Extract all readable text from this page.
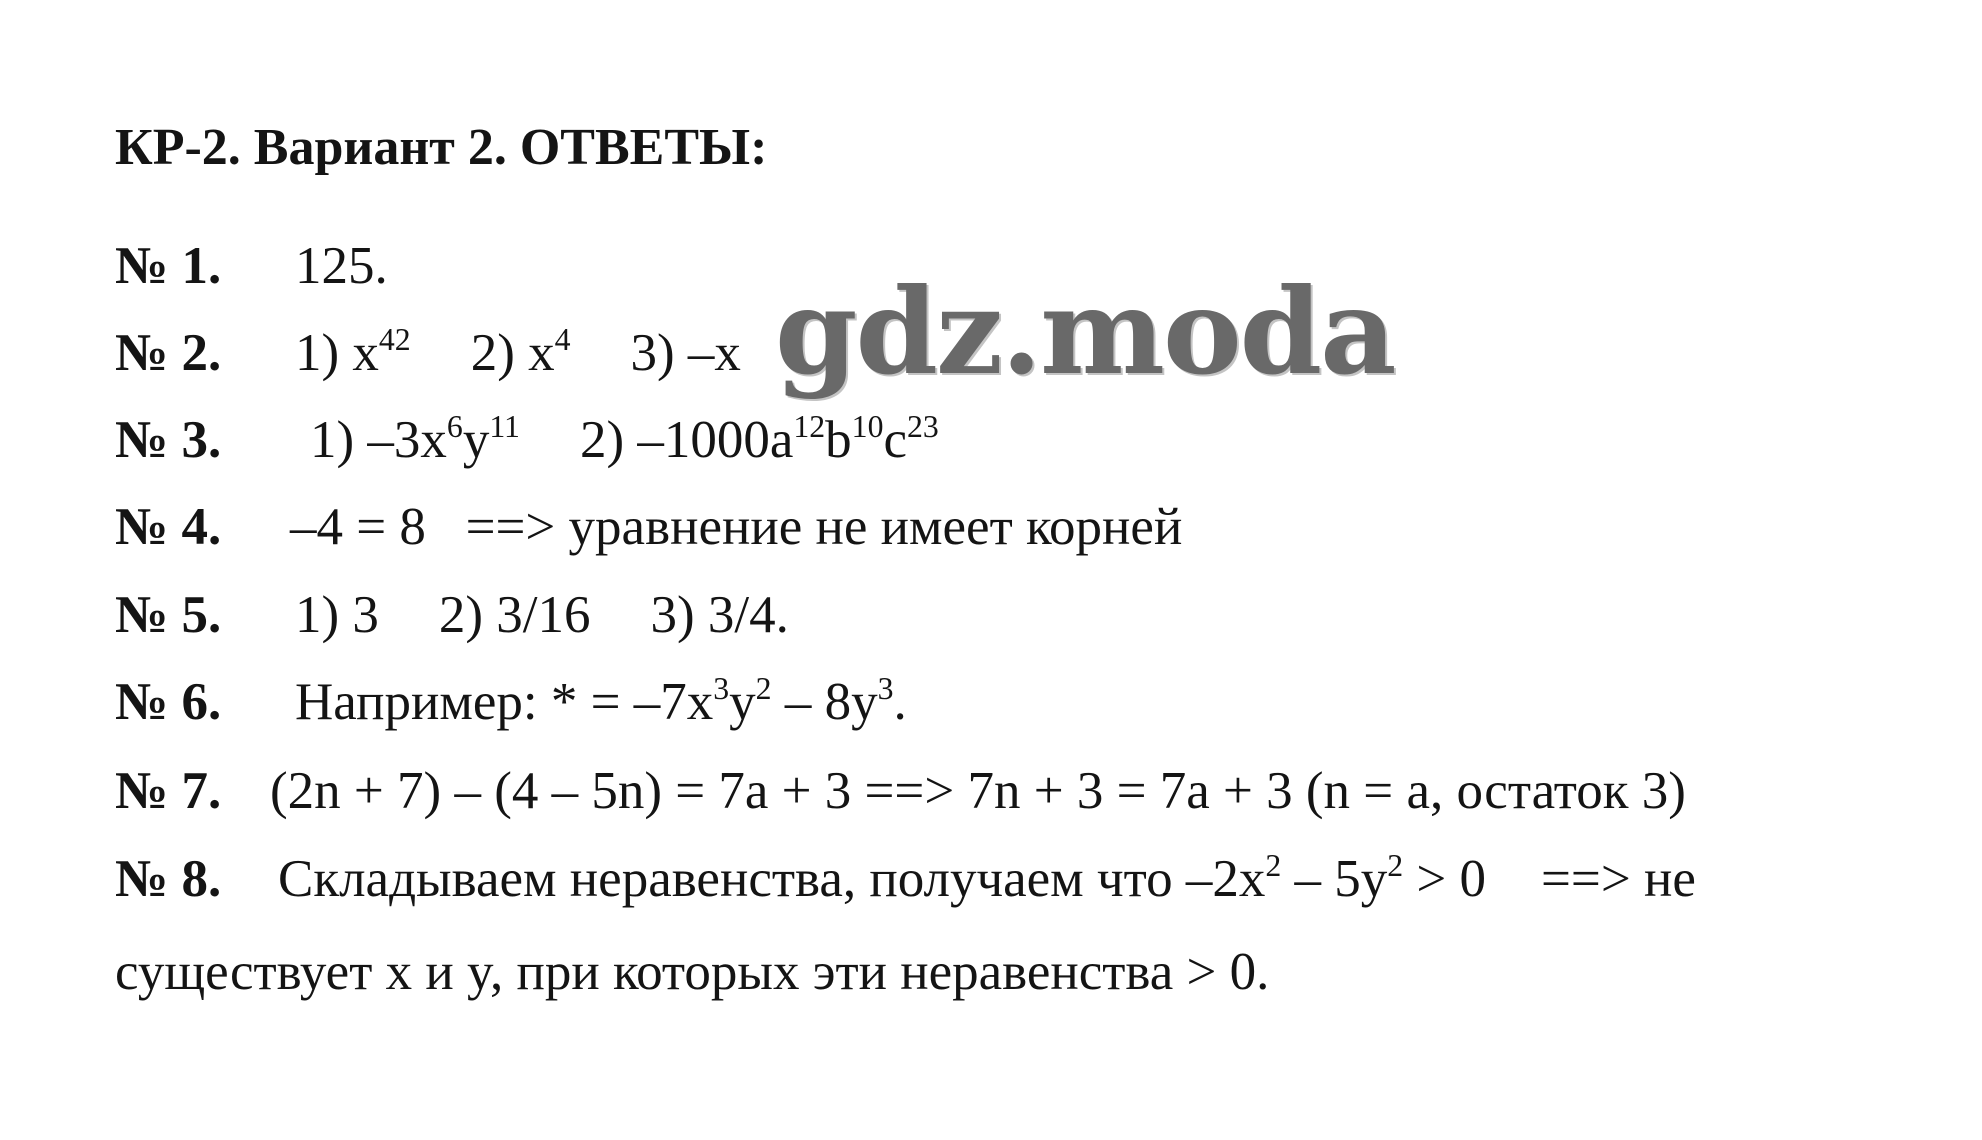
КР-2. Вариант 2. ОТВЕТЫ:
№ 1. 125.
№ 2. 1) $x^{42}$ 2) $x^4$ 3) –x
№ 3. 1) $-3x^6y^{11}$ 2) $-1000a^{12}b^{10}c^{23}$
№ 4. –4 = 8   ==> уравнение не имеет корней
№ 5. 1) 3 2) 3/16 3) 3/4.
№ 6. Например: * = $-7x^3y^2 - 8y^3$.
№ 7. (2n + 7) – (4 – 5n) = 7a + 3 ==> 7n + 3 = 7a + 3 (n = a, остаток 3)
№ 8. Складываем неравенства, получаем что $-2x^2 - 5y^2 > 0$ ==> не
существует x и y, при которых эти неравенства > 0.
gdz.moda
